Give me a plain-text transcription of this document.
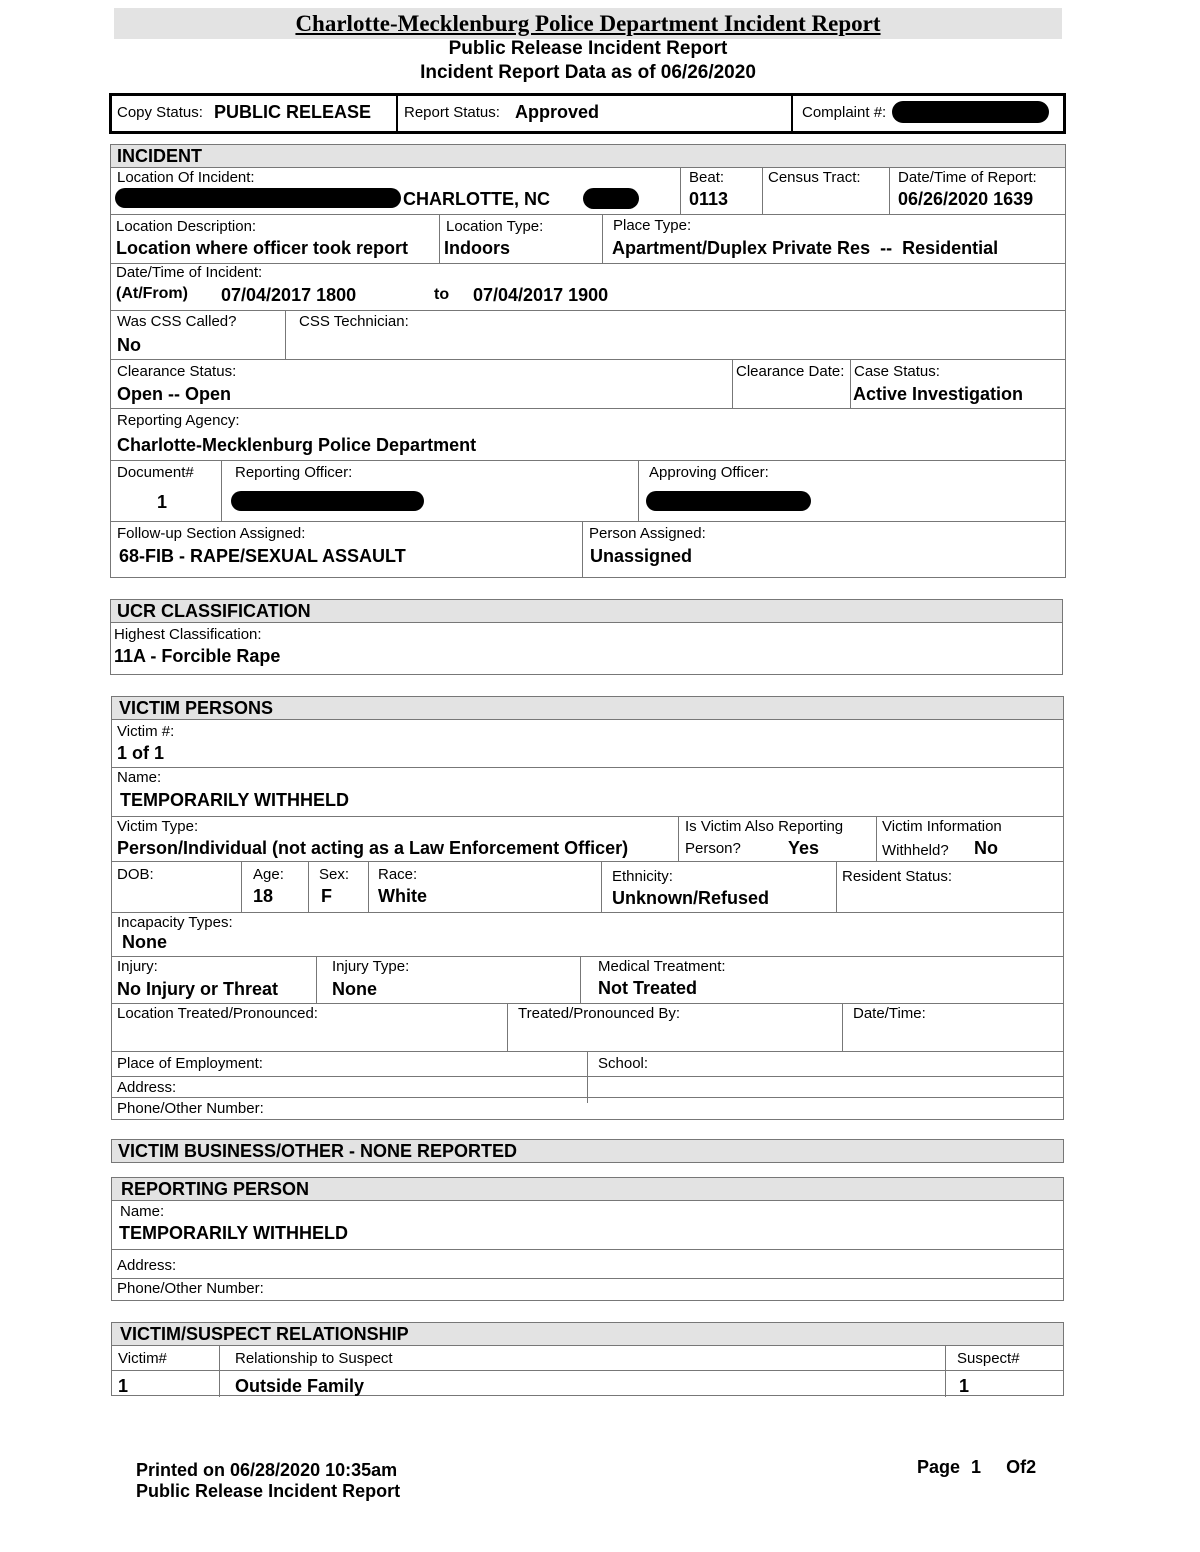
Charlotte-Mecklenburg Police Department Incident Report
Public Release Incident Report
Incident Report Data as of 06/26/2020
Copy Status: PUBLIC RELEASE Report Status: Approved	Complaint #:
INCIDENT
Location Of Incident:
CHARLOTTE, NC
Beat:
0113
Census Tract: Date/Time of Report:
06/26/2020 1639
Location Description:
Location where officer took report
Location Type:
Indoors
Place Type:
Apartment/Duplex Private Res  --  Residential
Date/Time of Incident:
(At/From) 07/04/2017 1800	to 07/04/2017 1900
Was CSS Called?
No
CSS Technician:
Clearance Status:
Open -- Open
Clearance Date: Case Status:
Active Investigation
Reporting Agency:
Charlotte-Mecklenburg Police Department
Document#
1
Reporting Officer:	Approving Officer:
Follow-up Section Assigned:
68-FIB - RAPE/SEXUAL ASSAULT
Person Assigned:
Unassigned
UCR CLASSIFICATION
Highest Classification:
11A - Forcible Rape
VICTIM PERSONS
Victim #:
1 of 1
Name:
TEMPORARILY WITHHELD
Victim Type:
Person/Individual (not acting as a Law Enforcement Officer)
Is Victim Also Reporting
Person?	Yes
Victim Information
Withheld? No
DOB:	Age:
18
Sex:
F
Race:
White
Ethnicity:
Unknown/Refused
Resident Status:
Incapacity Types:
None
Injury:
No Injury or Threat
Injury Type:
None
Medical Treatment:
Not Treated
Location Treated/Pronounced:	Treated/Pronounced By:	Date/Time:
Place of Employment:	School:
Address:
Phone/Other Number:
VICTIM BUSINESS/OTHER - NONE REPORTED
REPORTING PERSON
Name:
TEMPORARILY WITHHELD
Address:
Phone/Other Number:
VICTIM/SUSPECT RELATIONSHIP
Victim#	Relationship to Suspect	Suspect#
1	Outside Family	1
Printed on 06/28/2020 10:35am
Public Release Incident Report
Page 1 Of2
